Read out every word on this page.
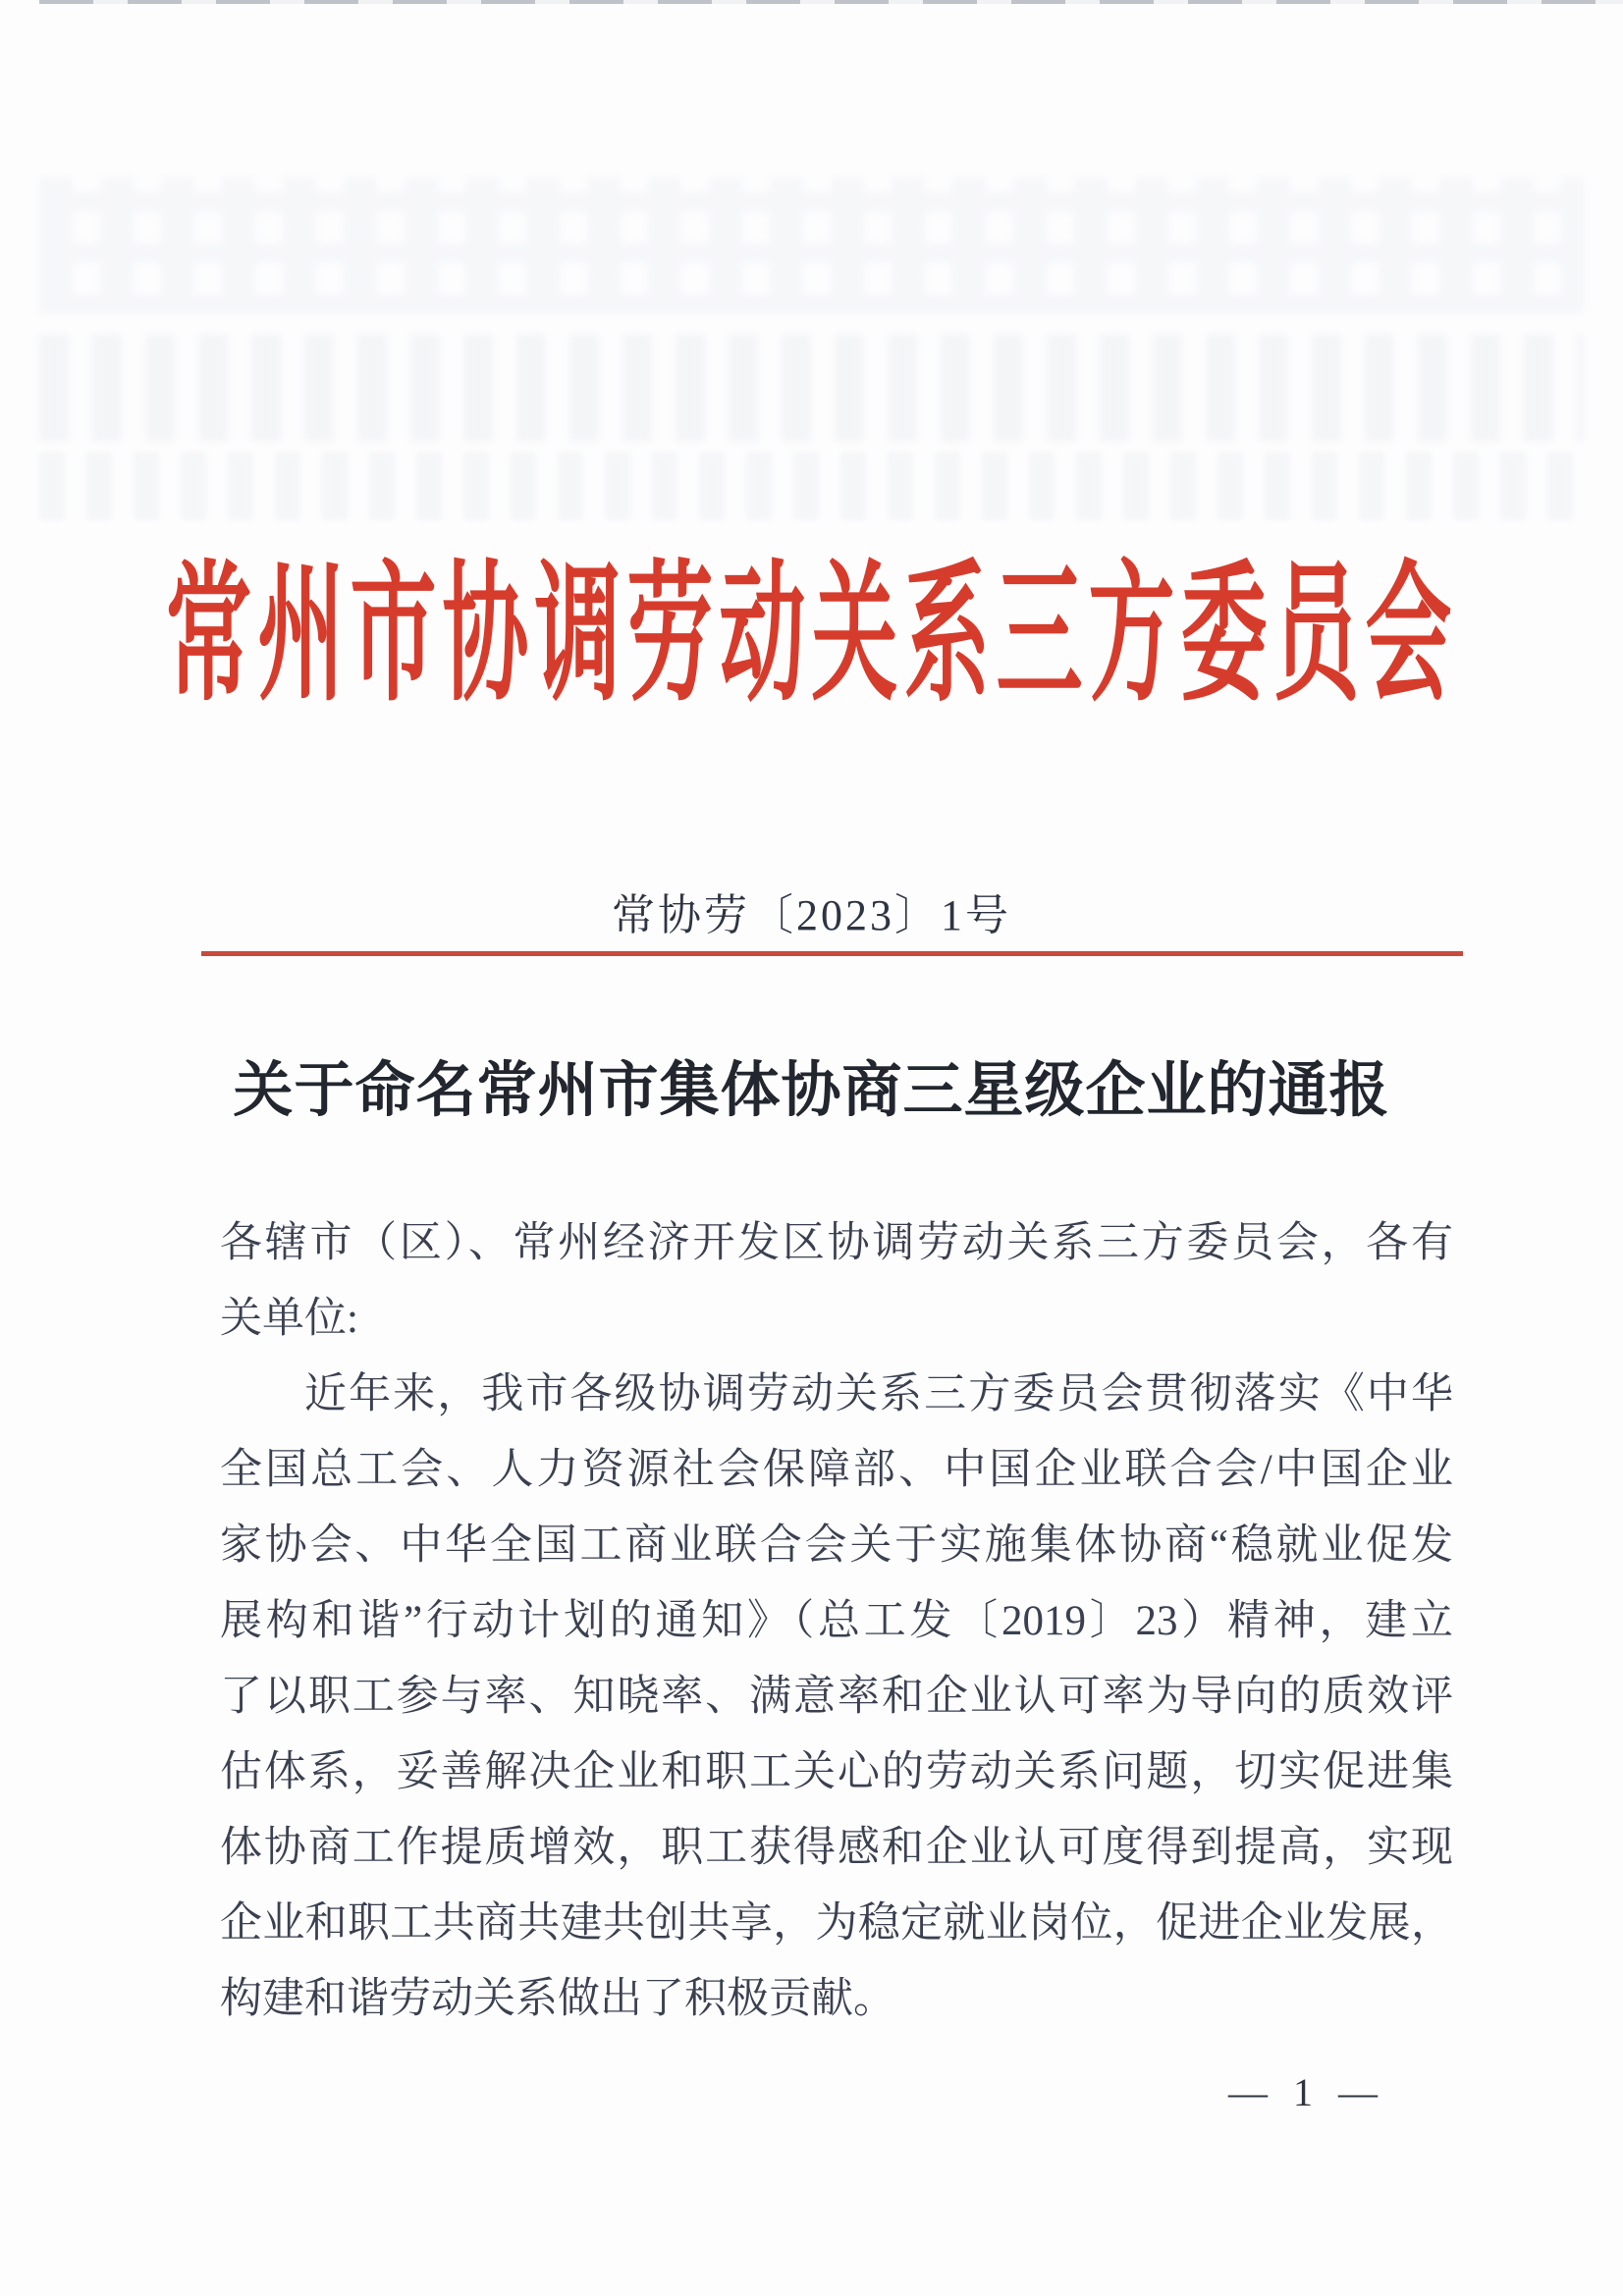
常州市协调劳动关系三方委员会
常协劳〔2023〕1号
关于命名常州市集体协商三星级企业的通报
各辖市（区）、常州经济开发区协调劳动关系三方委员会，各有
关单位:
近年来，我市各级协调劳动关系三方委员会贯彻落实《中华
全国总工会、人力资源社会保障部、中国企业联合会/中国企业
家协会、中华全国工商业联合会关于实施集体协商“稳就业促发
展构和谐”行动计划的通知》（总工发〔2019〕23）精神，建立
了以职工参与率、知晓率、满意率和企业认可率为导向的质效评
估体系，妥善解决企业和职工关心的劳动关系问题，切实促进集
体协商工作提质增效，职工获得感和企业认可度得到提高，实现
企业和职工共商共建共创共享，为稳定就业岗位，促进企业发展，
构建和谐劳动关系做出了积极贡献。
— 1 —
